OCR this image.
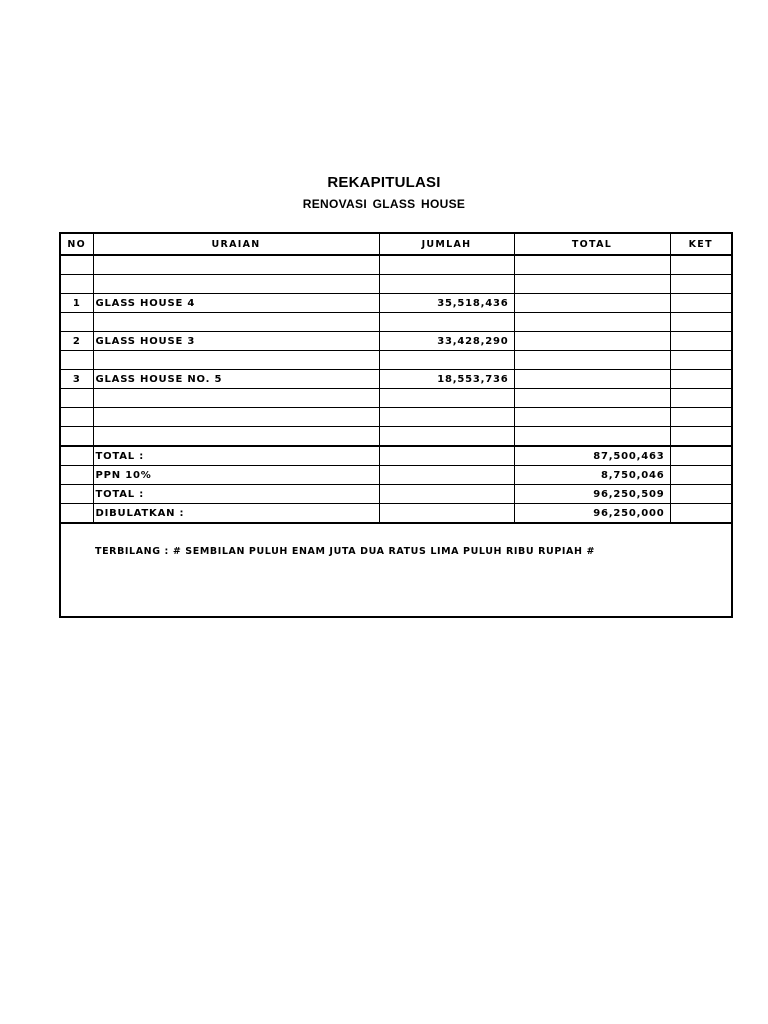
REKAPITULASI
RENOVASI GLASS HOUSE
NO	URAIAN	JUMLAH	TOTAL	KET

1	GLASS HOUSE 4	35,518,436		

2	GLASS HOUSE 3	33,428,290		

3	GLASS HOUSE NO. 5	18,553,736		

	TOTAL :		87,500,463	
	PPN 10%		8,750,046	
	TOTAL :		96,250,509	
	DIBULATKAN :		96,250,000	
TERBILANG : # SEMBILAN PULUH ENAM JUTA DUA RATUS LIMA PULUH RIBU RUPIAH #				
